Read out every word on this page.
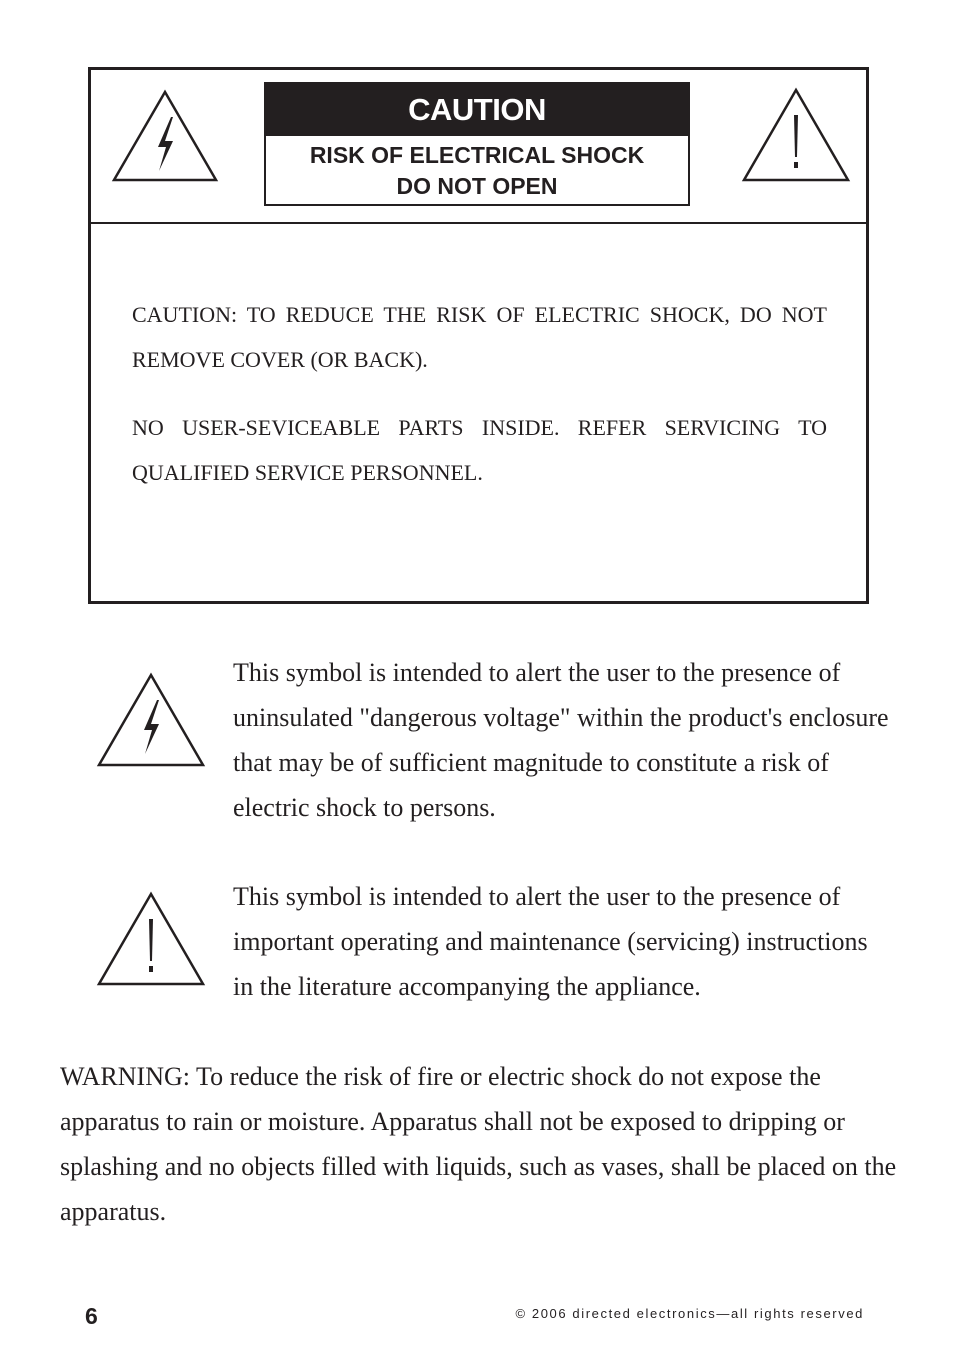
CAUTION
RISK OF ELECTRICAL SHOCK
DO NOT OPEN
CAUTION: TO REDUCE THE RISK OF ELECTRIC SHOCK, DO NOT REMOVE COVER (OR BACK).
NO USER-SEVICEABLE PARTS INSIDE. REFER SERVICING TO QUALIFIED SERVICE PERSONNEL.
This symbol is intended to alert the user to the presence of uninsulated "dangerous voltage" within the product's enclosure that may be of sufficient magnitude to constitute a risk of electric shock to persons.
This symbol is intended to alert the user to the presence of important operating and maintenance (servicing) instructions in the literature accompanying the appliance.
WARNING: To reduce the risk of fire or electric shock do not expose the apparatus to rain or moisture. Apparatus shall not be exposed to dripping or splashing and no objects filled with liquids, such as vases, shall be placed on the apparatus.
6	© 2006 directed electronics—all rights reserved
